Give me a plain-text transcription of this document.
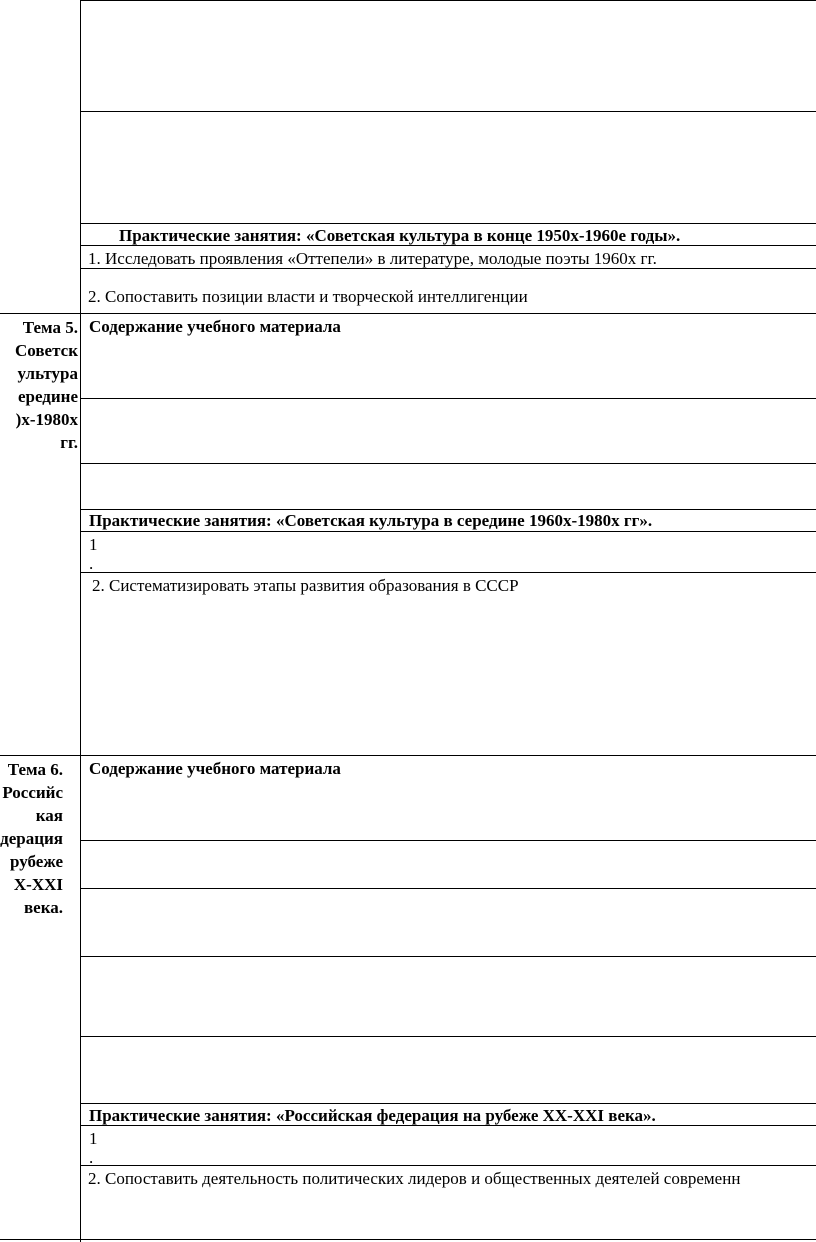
Практические занятия: «Советская культура в конце 1950х-1960е годы».
1. Исследовать проявления «Оттепели» в литературе, молодые поэты 1960х гг.
2. Сопоставить позиции власти и творческой интеллигенции
Тема 5.
Советск
ультура
ередине
)х-1980х
гг.
Содержание учебного материала
Практические занятия: «Советская культура в середине 1960х-1980х гг».
1
.
2. Систематизировать этапы развития образования в СССР
Тема 6.
Российс
кая
дерация
рубеже
X-XXI
века.
Содержание учебного материала
Практические занятия: «Российская федерация на рубеже XX-XXI века».
1
.
2. Сопоставить деятельность политических лидеров и общественных деятелей современн
